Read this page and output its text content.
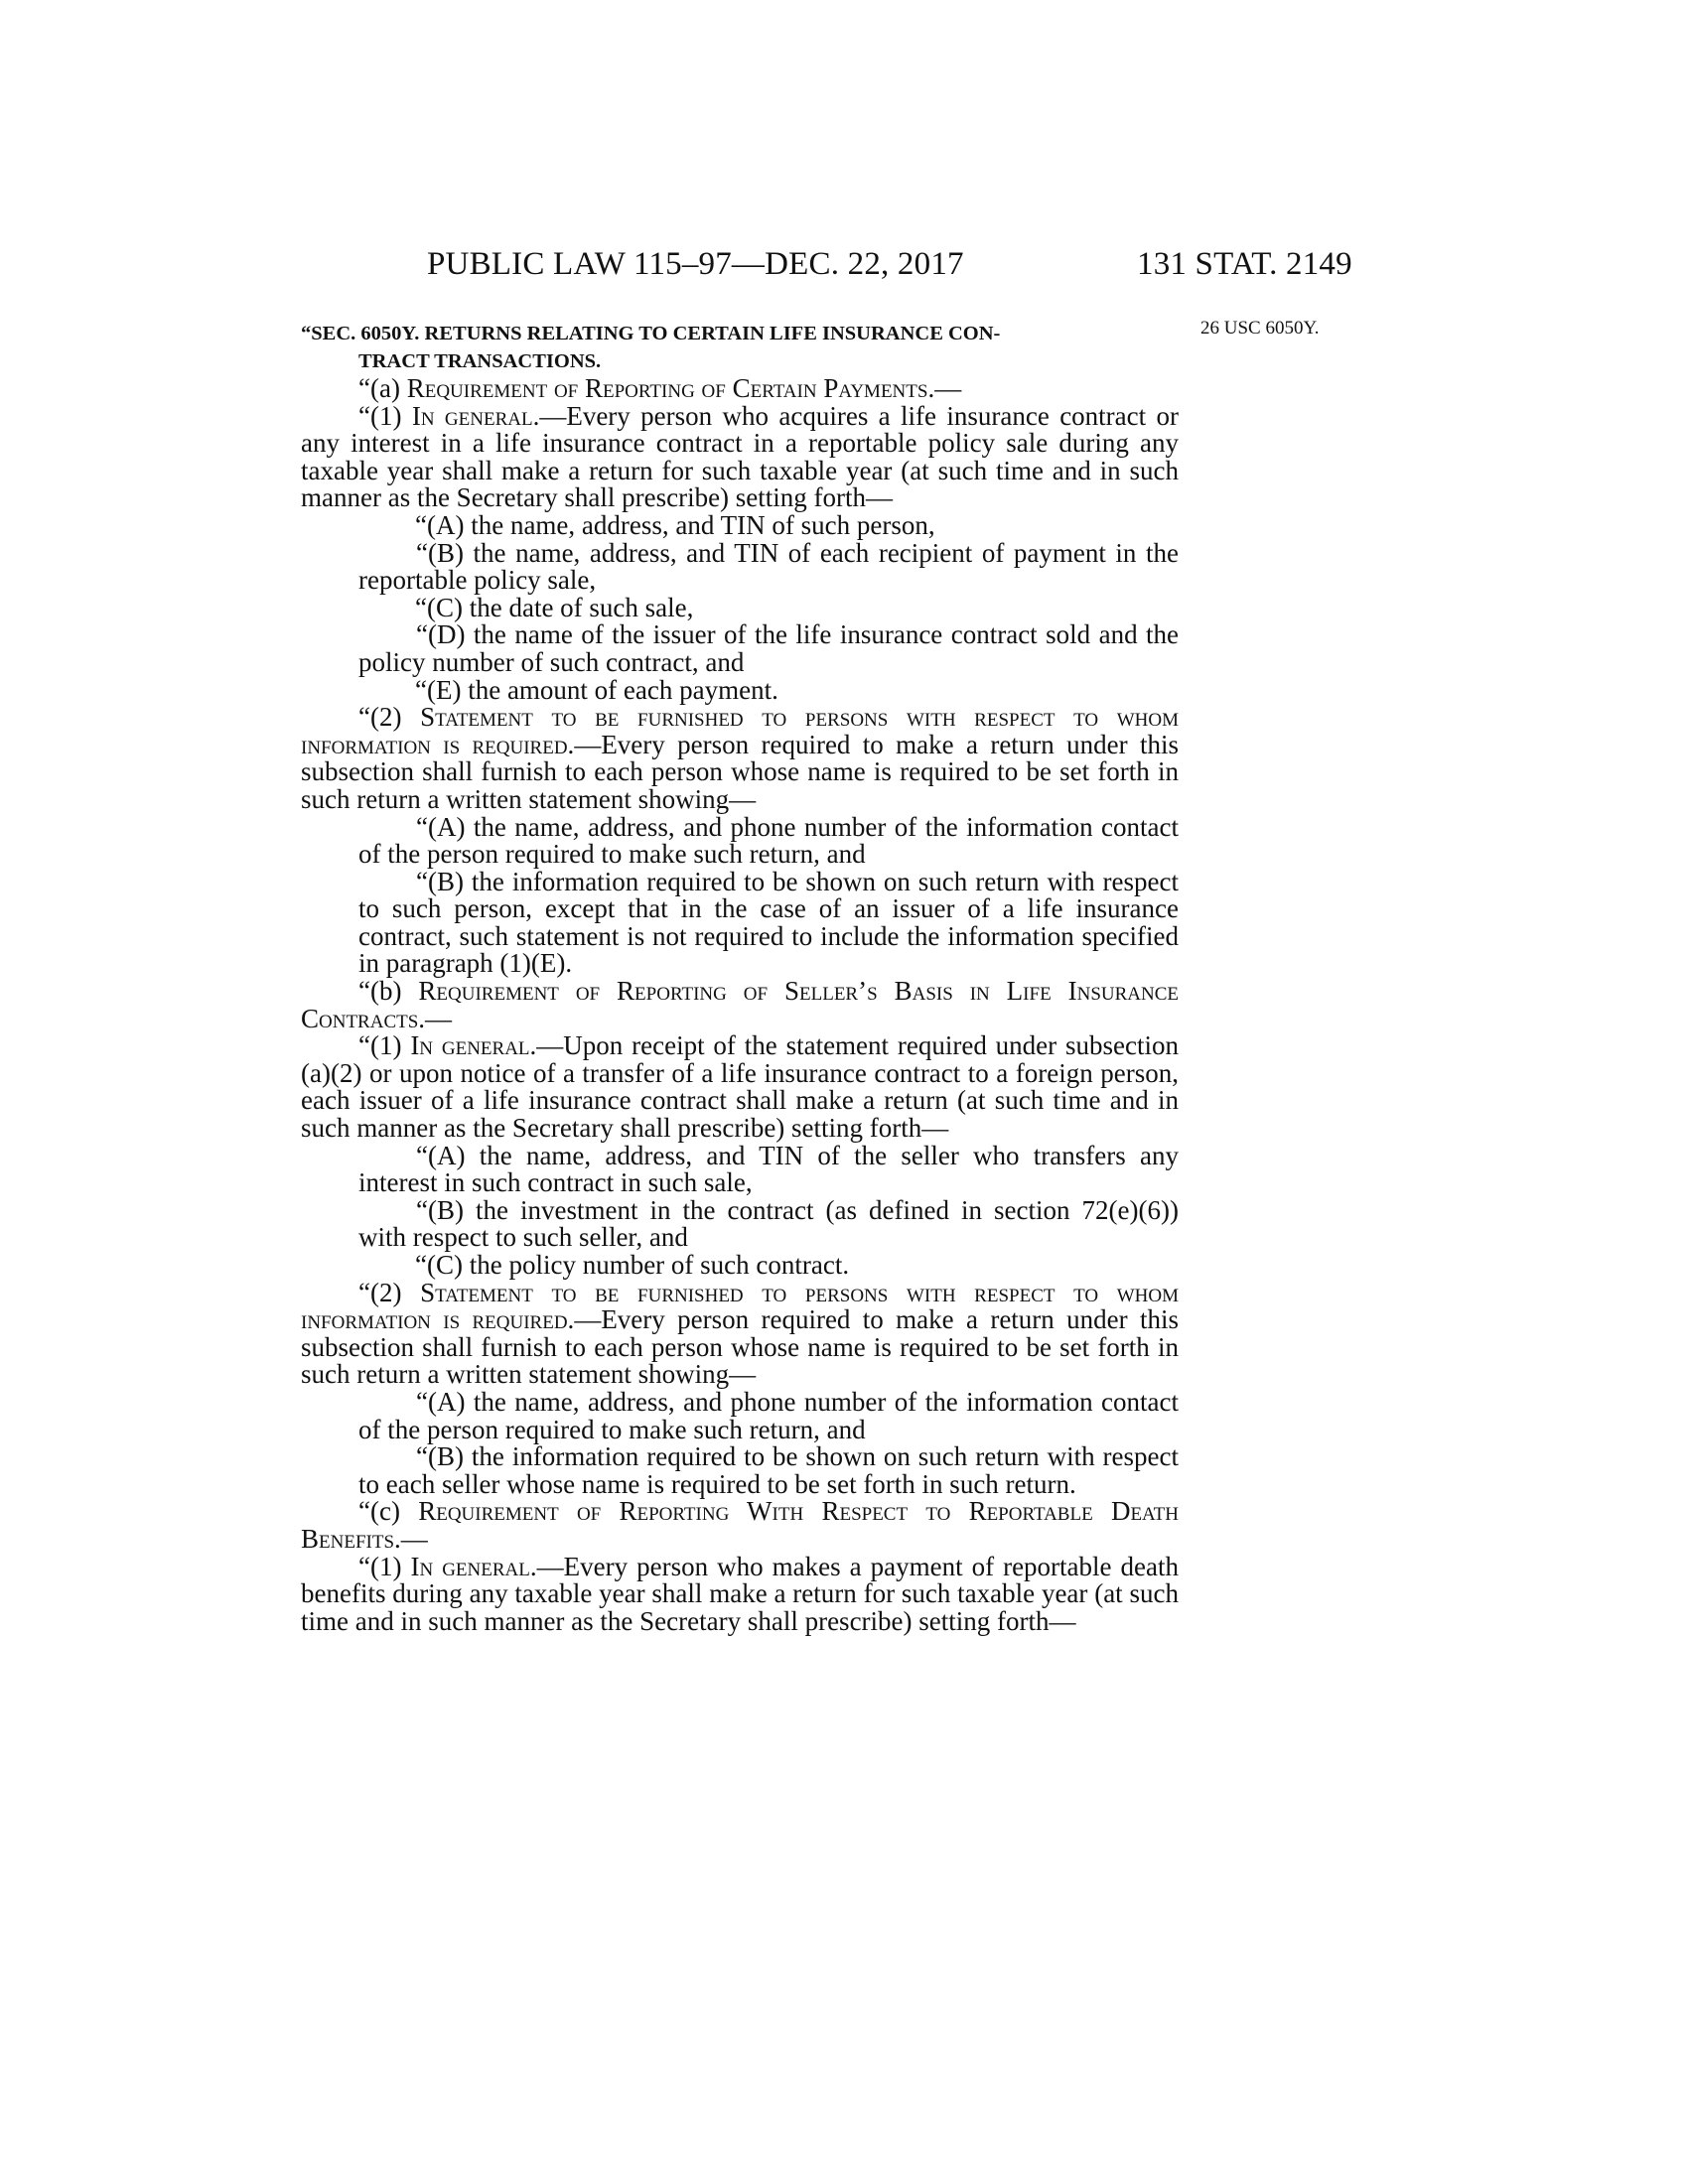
PUBLIC LAW 115–97—DEC. 22, 2017	131 STAT. 2149
26 USC 6050Y.
“SEC. 6050Y. RETURNS RELATING TO CERTAIN LIFE INSURANCE CON-
TRACT TRANSACTIONS.

“(a) Requirement of Reporting of Certain Payments.—

“(1) In general.—Every person who acquires a life insurance contract or any interest in a life insurance contract in a reportable policy sale during any taxable year shall make a return for such taxable year (at such time and in such manner as the Secretary shall prescribe) setting forth—

“(A) the name, address, and TIN of such person,

“(B) the name, address, and TIN of each recipient of payment in the reportable policy sale,

“(C) the date of such sale,

“(D) the name of the issuer of the life insurance contract sold and the policy number of such contract, and

“(E) the amount of each payment.

“(2) Statement to be furnished to persons with respect to whom information is required.—Every person required to make a return under this subsection shall furnish to each person whose name is required to be set forth in such return a written statement showing—

“(A) the name, address, and phone number of the information contact of the person required to make such return, and

“(B) the information required to be shown on such return with respect to such person, except that in the case of an issuer of a life insurance contract, such statement is not required to include the information specified in paragraph (1)(E).

“(b) Requirement of Reporting of Seller’s Basis in Life Insurance Contracts.—

“(1) In general.—Upon receipt of the statement required under subsection (a)(2) or upon notice of a transfer of a life insurance contract to a foreign person, each issuer of a life insurance contract shall make a return (at such time and in such manner as the Secretary shall prescribe) setting forth—

“(A) the name, address, and TIN of the seller who transfers any interest in such contract in such sale,

“(B) the investment in the contract (as defined in section 72(e)(6)) with respect to such seller, and

“(C) the policy number of such contract.

“(2) Statement to be furnished to persons with respect to whom information is required.—Every person required to make a return under this subsection shall furnish to each person whose name is required to be set forth in such return a written statement showing—

“(A) the name, address, and phone number of the information contact of the person required to make such return, and

“(B) the information required to be shown on such return with respect to each seller whose name is required to be set forth in such return.

“(c) Requirement of Reporting With Respect to Reportable Death Benefits.—

“(1) In general.—Every person who makes a payment of reportable death benefits during any taxable year shall make a return for such taxable year (at such time and in such manner as the Secretary shall prescribe) setting forth—
